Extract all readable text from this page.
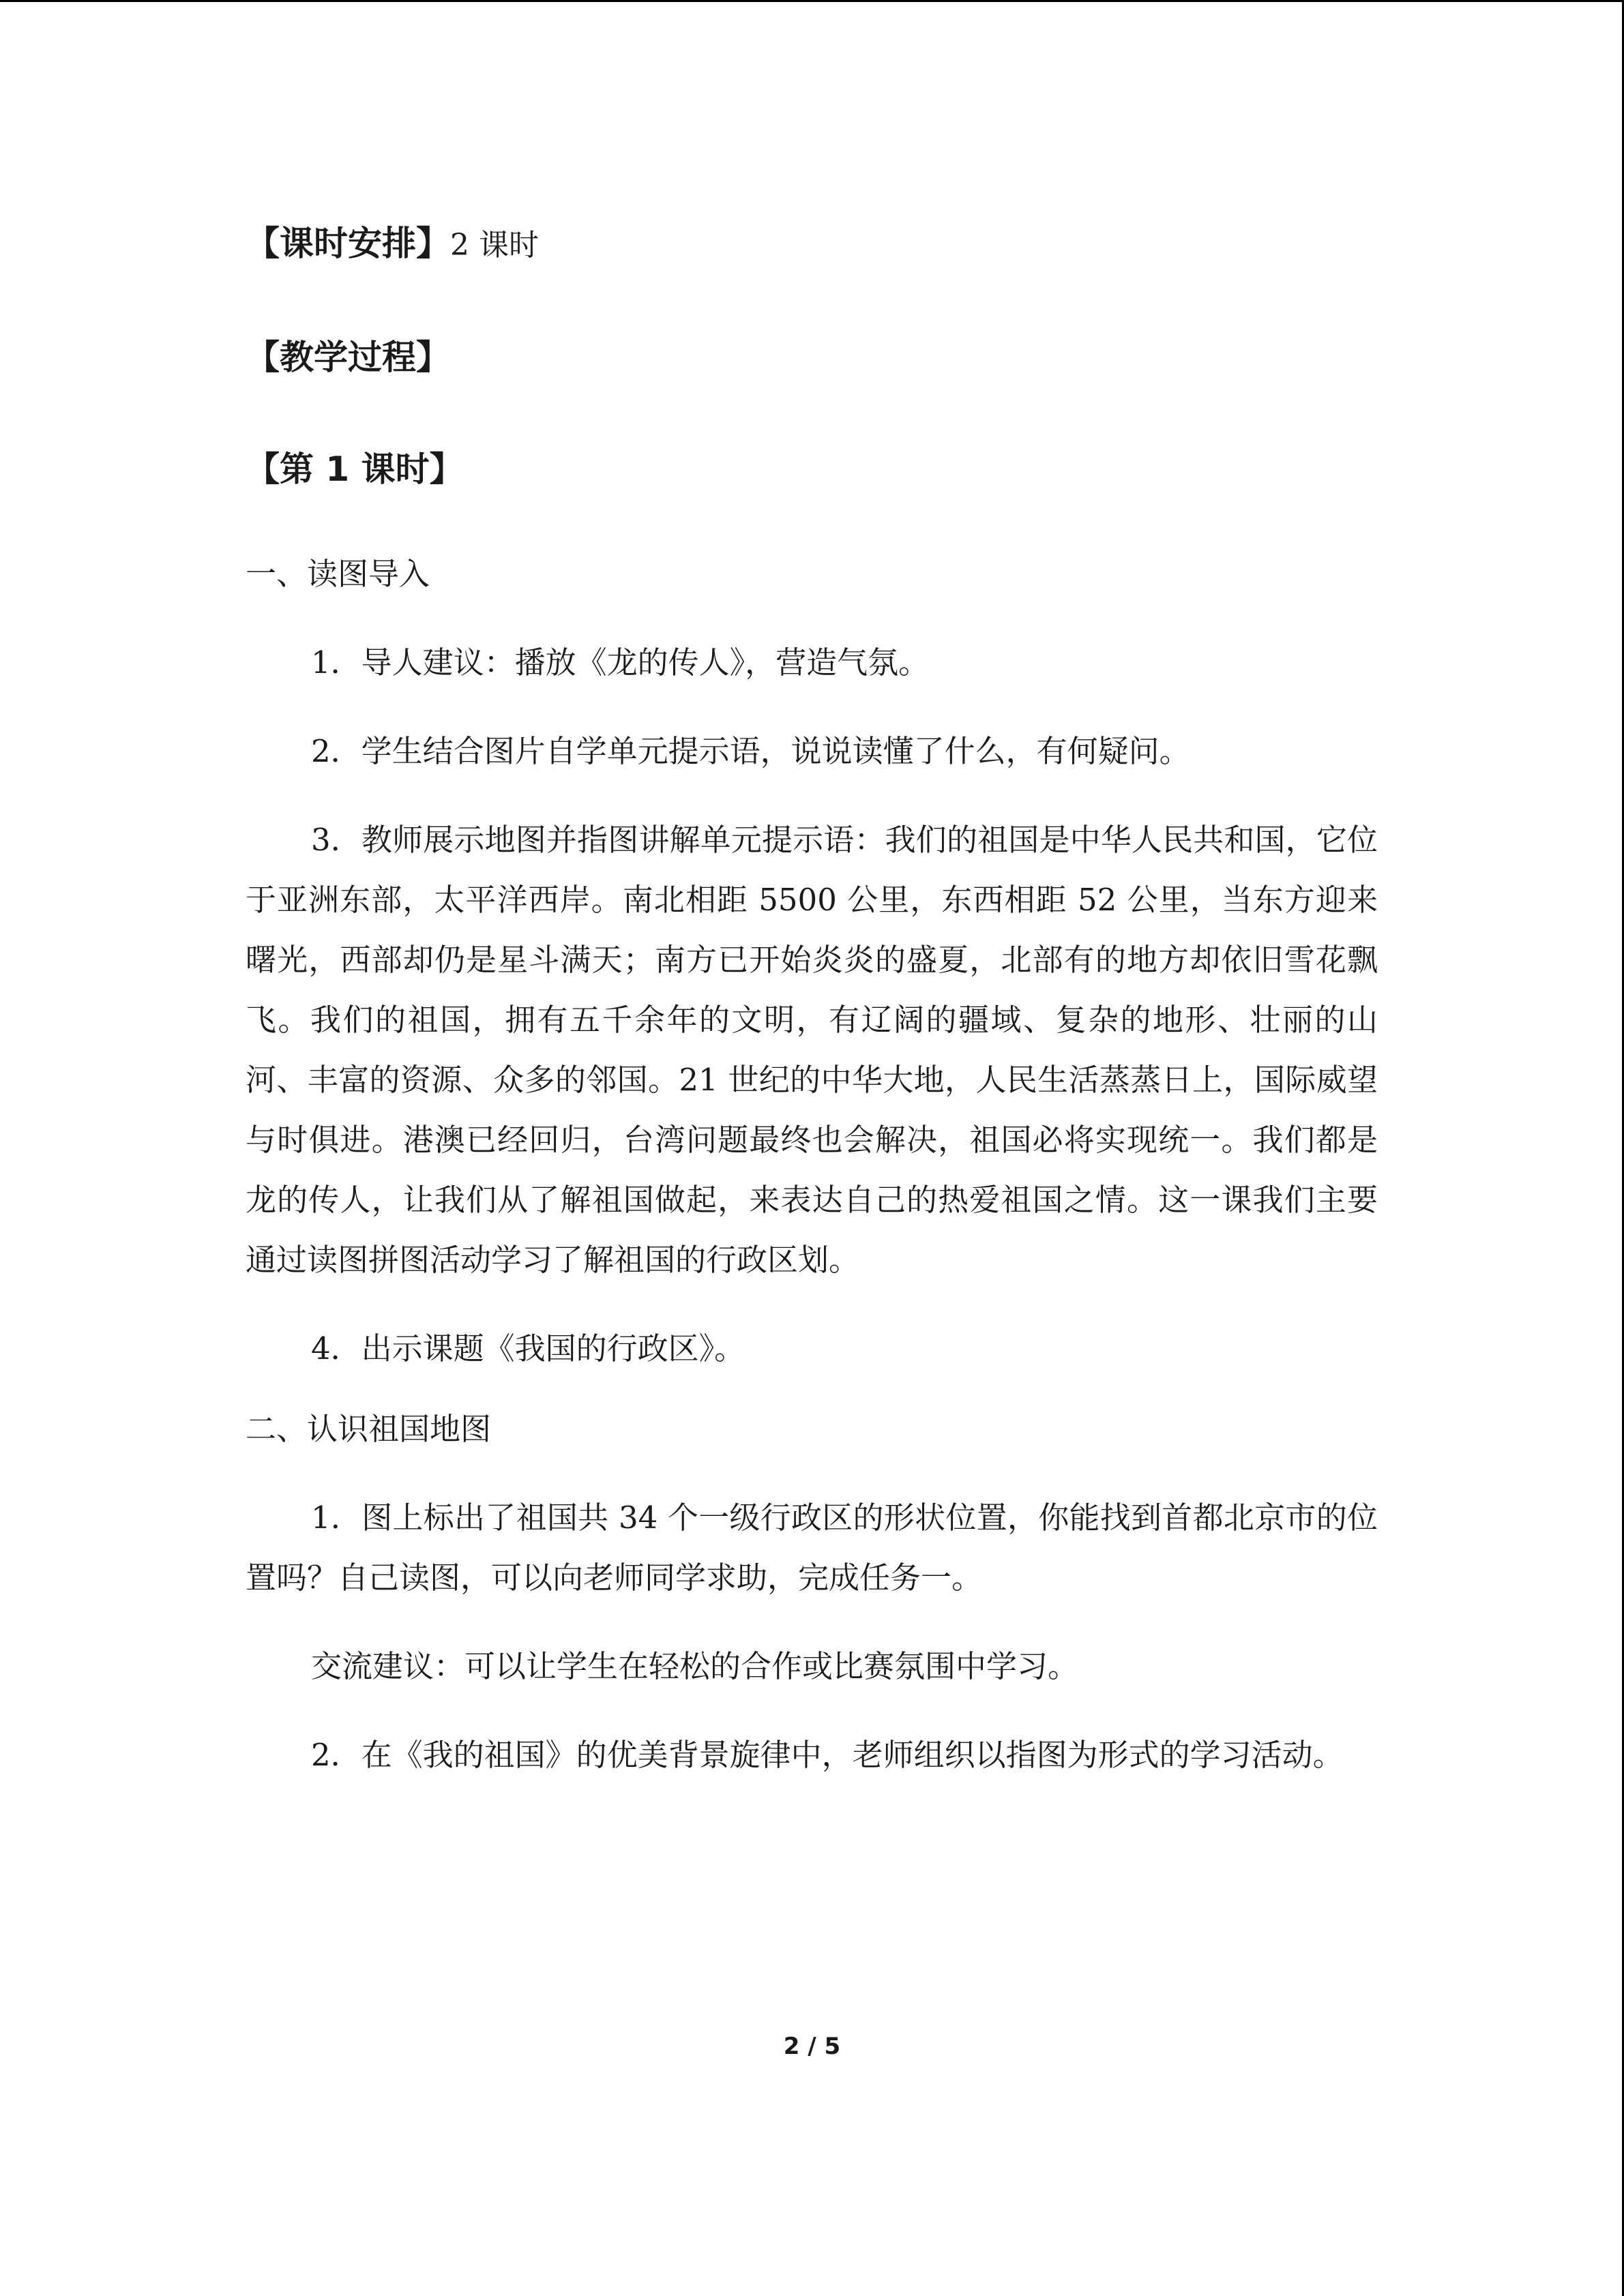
【课时安排】2 课时

【教学过程】

【第 1 课时】

一、读图导入

1．导人建议：播放《龙的传人》，营造气氛。

2．学生结合图片自学单元提示语，说说读懂了什么，有何疑问。

3．教师展示地图并指图讲解单元提示语：我们的祖国是中华人民共和国，它位于亚洲东部，太平洋西岸。南北相距 5500 公里，东西相距 52 公里，当东方迎来曙光，西部却仍是星斗满天；南方已开始炎炎的盛夏，北部有的地方却依旧雪花飘飞。我们的祖国，拥有五千余年的文明，有辽阔的疆域、复杂的地形、壮丽的山河、丰富的资源、众多的邻国。21 世纪的中华大地，人民生活蒸蒸日上，国际威望与时俱进。港澳已经回归，台湾问题最终也会解决，祖国必将实现统一。我们都是龙的传人，让我们从了解祖国做起，来表达自己的热爱祖国之情。这一课我们主要通过读图拼图活动学习了解祖国的行政区划。

4．出示课题《我国的行政区》。

二、认识祖国地图

1．图上标出了祖国共 34 个一级行政区的形状位置，你能找到首都北京市的位置吗？自己读图，可以向老师同学求助，完成任务一。

交流建议：可以让学生在轻松的合作或比赛氛围中学习。

2．在《我的祖国》的优美背景旋律中，老师组织以指图为形式的学习活动。

2 / 5
